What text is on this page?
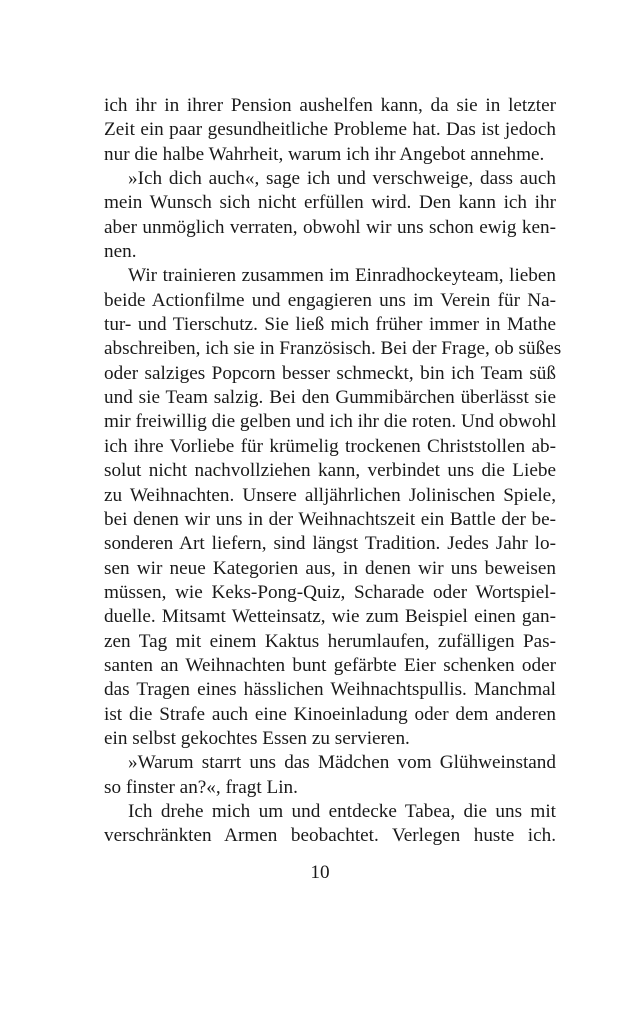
ich ihr in ihrer Pension aushelfen kann, da sie in letzter
Zeit ein paar gesundheitliche Probleme hat. Das ist jedoch
nur die halbe Wahrheit, warum ich ihr Angebot annehme.
»Ich dich auch«, sage ich und verschweige, dass auch
mein Wunsch sich nicht erfüllen wird. Den kann ich ihr
aber unmöglich verraten, obwohl wir uns schon ewig ken-
nen.
Wir trainieren zusammen im Einradhockeyteam, lieben
beide Actionfilme und engagieren uns im Verein für Na-
tur- und Tierschutz. Sie ließ mich früher immer in Mathe
abschreiben, ich sie in Französisch. Bei der Frage, ob süßes
oder salziges Popcorn besser schmeckt, bin ich Team süß
und sie Team salzig. Bei den Gummibärchen überlässt sie
mir freiwillig die gelben und ich ihr die roten. Und obwohl
ich ihre Vorliebe für krümelig trockenen Christstollen ab-
solut nicht nachvollziehen kann, verbindet uns die Liebe
zu Weihnachten. Unsere alljährlichen Jolinischen Spiele,
bei denen wir uns in der Weihnachtszeit ein Battle der be-
sonderen Art liefern, sind längst Tradition. Jedes Jahr lo-
sen wir neue Kategorien aus, in denen wir uns beweisen
müssen, wie Keks-Pong-Quiz, Scharade oder Wortspiel-
duelle. Mitsamt Wetteinsatz, wie zum Beispiel einen gan-
zen Tag mit einem Kaktus herumlaufen, zufälligen Pas-
santen an Weihnachten bunt gefärbte Eier schenken oder
das Tragen eines hässlichen Weihnachtspullis. Manchmal
ist die Strafe auch eine Kinoeinladung oder dem anderen
ein selbst gekochtes Essen zu servieren.
»Warum starrt uns das Mädchen vom Glühweinstand
so finster an?«, fragt Lin.
Ich drehe mich um und entdecke Tabea, die uns mit
verschränkten Armen beobachtet. Verlegen huste ich.
10
